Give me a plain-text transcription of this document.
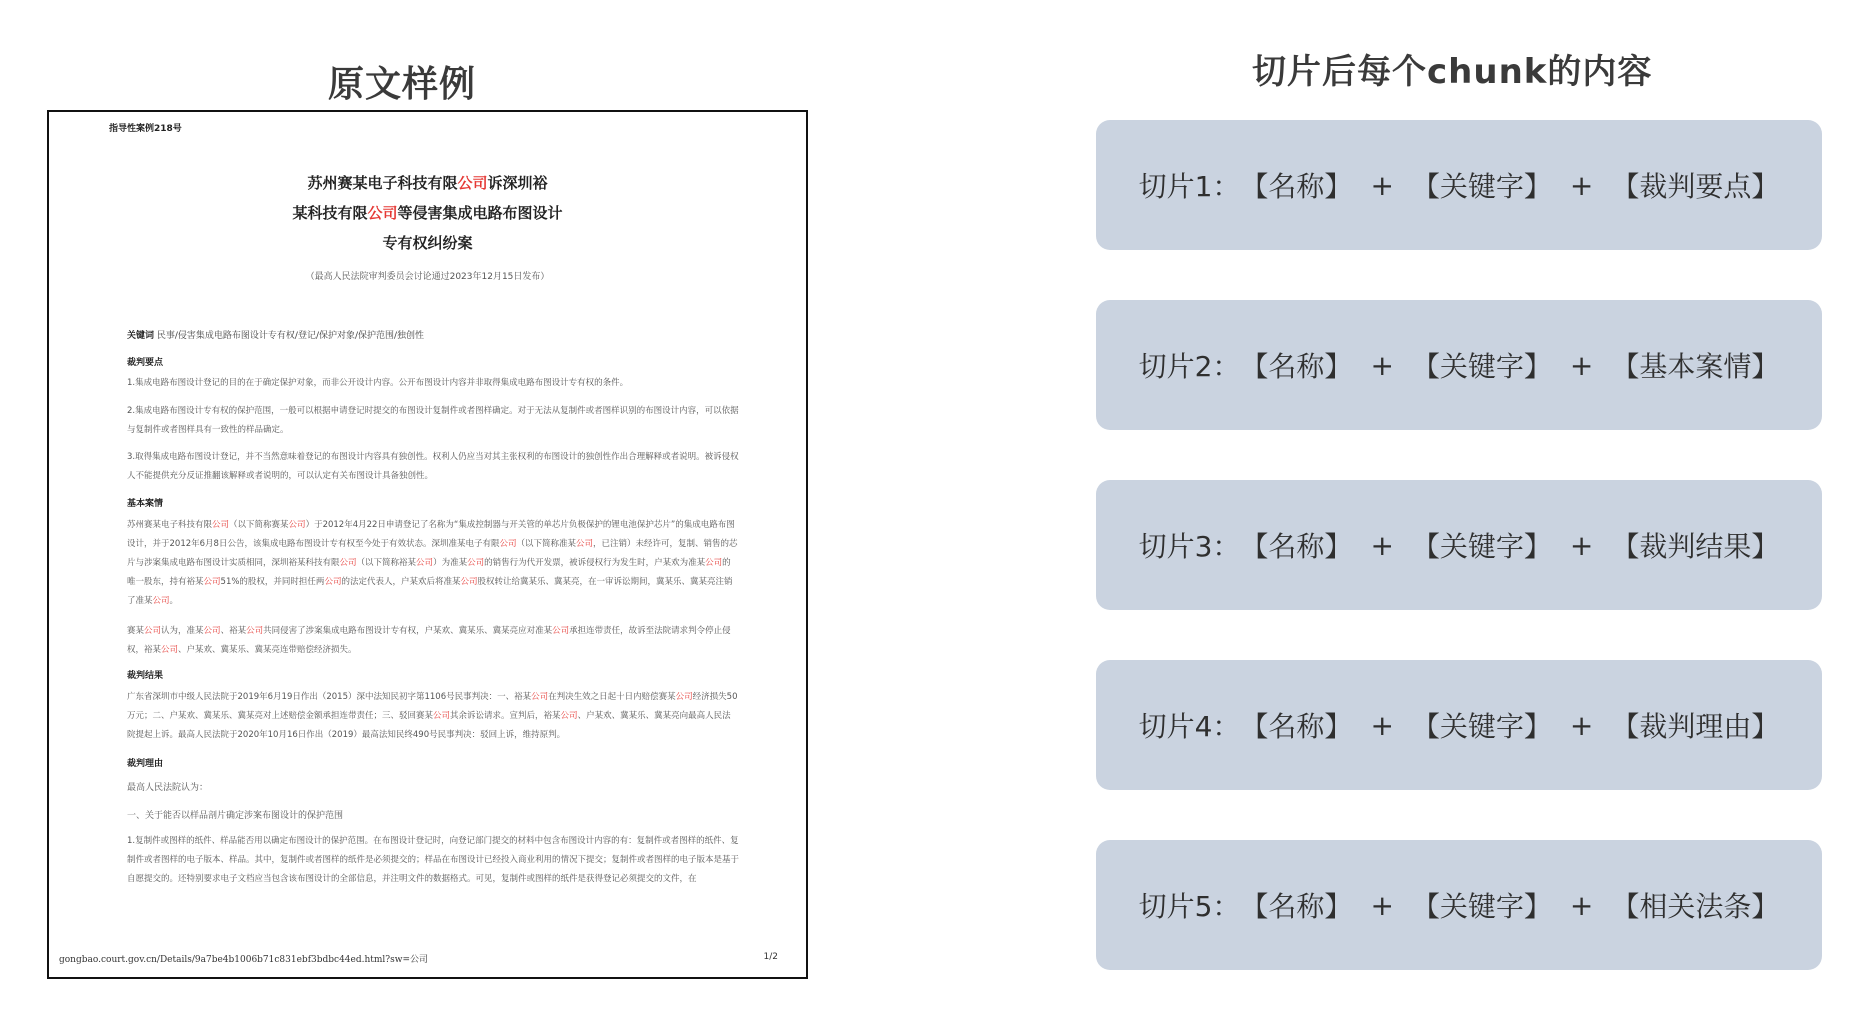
原文样例	切片后每个chunk的内容

指导性案例218号

苏州赛某电子科技有限公司诉深圳裕

某科技有限公司等侵害集成电路布图设计

专有权纠纷案

（最高人民法院审判委员会讨论通过2023年12月15日发布）

关键词 民事/侵害集成电路布图设计专有权/登记/保护对象/保护范围/独创性

裁判要点

1.集成电路布图设计登记的目的在于确定保护对象，而非公开设计内容。公开布图设计内容并非取得集成电路布图设计专有权的条件。

2.集成电路布图设计专有权的保护范围，一般可以根据申请登记时提交的布图设计复制件或者图样确定。对于无法从复制件或者图样识别的布图设计内容，可以依据与复制件或者图样具有一致性的样品确定。

3.取得集成电路布图设计登记，并不当然意味着登记的布图设计内容具有独创性。权利人仍应当对其主张权利的布图设计的独创性作出合理解释或者说明。被诉侵权人不能提供充分反证推翻该解释或者说明的，可以认定有关布图设计具备独创性。

基本案情

苏州赛某电子科技有限公司（以下简称赛某公司）于2012年4月22日申请登记了名称为“集成控制器与开关管的单芯片负极保护的锂电池保护芯片”的集成电路布图设计，并于2012年6月8日公告，该集成电路布图设计专有权至今处于有效状态。深圳准某电子有限公司（以下简称准某公司，已注销）未经许可，复制、销售的芯片与涉案集成电路布图设计实质相同，深圳裕某科技有限公司（以下简称裕某公司）为准某公司的销售行为代开发票，被诉侵权行为发生时，户某欢为准某公司的唯一股东，持有裕某公司51%的股权，并同时担任两公司的法定代表人，户某欢后将准某公司股权转让给冀某乐、冀某亮，在一审诉讼期间，冀某乐、冀某亮注销了准某公司。

赛某公司认为，准某公司、裕某公司共同侵害了涉案集成电路布图设计专有权，户某欢、冀某乐、冀某亮应对准某公司承担连带责任，故诉至法院请求判令停止侵权，裕某公司、户某欢、冀某乐、冀某亮连带赔偿经济损失。

裁判结果

广东省深圳市中级人民法院于2019年6月19日作出（2015）深中法知民初字第1106号民事判决：一、裕某公司在判决生效之日起十日内赔偿赛某公司经济损失50万元；二、户某欢、冀某乐、冀某亮对上述赔偿金额承担连带责任；三、驳回赛某公司其余诉讼请求。宣判后，裕某公司、户某欢、冀某乐、冀某亮向最高人民法院提起上诉。最高人民法院于2020年10月16日作出（2019）最高法知民终490号民事判决：驳回上诉，维持原判。

裁判理由

最高人民法院认为：

一、关于能否以样品剖片确定涉案布图设计的保护范围

1.复制件或图样的纸件、样品能否用以确定布图设计的保护范围。在布图设计登记时，向登记部门提交的材料中包含布图设计内容的有：复制件或者图样的纸件、复制件或者图样的电子版本、样品。其中，复制件或者图样的纸件是必须提交的；样品在布图设计已经投入商业利用的情况下提交；复制件或者图样的电子版本是基于自愿提交的。还特别要求电子文档应当包含该布图设计的全部信息，并注明文件的数据格式。可见，复制件或图样的纸件是获得登记必须提交的文件，在

gongbao.court.gov.cn/Details/9a7be4b1006b71c831ebf3bdbc44ed.html?sw=公司	1/2

切片1： 【名称】 + 【关键字】 + 【裁判要点】
切片2： 【名称】 + 【关键字】 + 【基本案情】
切片3： 【名称】 + 【关键字】 + 【裁判结果】
切片4： 【名称】 + 【关键字】 + 【裁判理由】
切片5： 【名称】 + 【关键字】 + 【相关法条】
